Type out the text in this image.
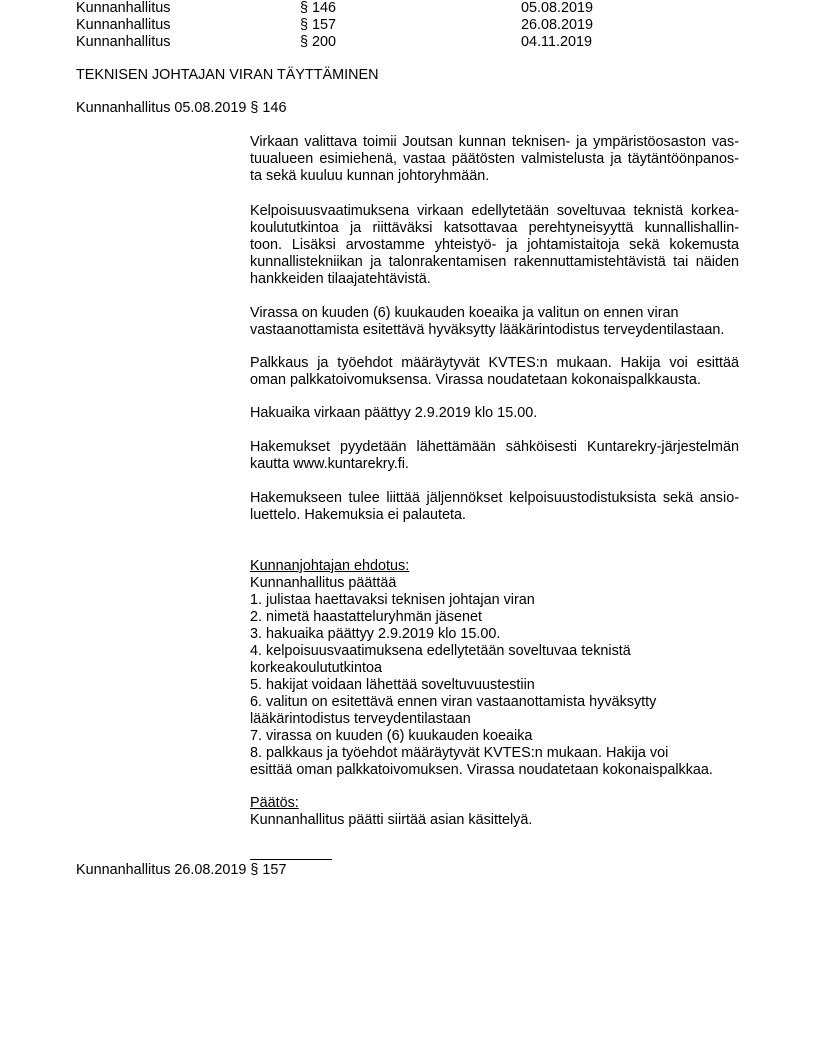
Kunnanhallitus	§ 146	05.08.2019
Kunnanhallitus	§ 157	26.08.2019
Kunnanhallitus	§ 200	04.11.2019
TEKNISEN JOHTAJAN VIRAN TÄYTTÄMINEN
Kunnanhallitus 05.08.2019 § 146
Virkaan valittava toimii Joutsan kunnan teknisen- ja ympäristöosaston vas-
tuualueen esimiehenä, vastaa päätösten valmistelusta ja täytäntöönpanos-
ta sekä kuuluu kunnan johtoryhmään.
Kelpoisuusvaatimuksena virkaan edellytetään soveltuvaa teknistä korkea-
koulututkintoa ja riittäväksi katsottavaa perehtyneisyyttä kunnallishallin-
toon. Lisäksi arvostamme yhteistyö- ja johtamistaitoja sekä kokemusta
kunnallistekniikan ja talonrakentamisen rakennuttamistehtävistä tai näiden
hankkeiden tilaajatehtävistä.
Virassa on kuuden (6) kuukauden koeaika ja valitun on ennen viran
vastaanottamista esitettävä hyväksytty lääkärintodistus terveydentilastaan.
Palkkaus ja työehdot määräytyvät KVTES:n mukaan. Hakija voi esittää
oman palkkatoivomuksensa. Virassa noudatetaan kokonaispalkkausta.
Hakuaika virkaan päättyy 2.9.2019 klo 15.00.
Hakemukset pyydetään lähettämään sähköisesti Kuntarekry-järjestelmän
kautta www.kuntarekry.fi.
Hakemukseen tulee liittää jäljennökset kelpoisuustodistuksista sekä ansio-
luettelo. Hakemuksia ei palauteta.
Kunnanjohtajan ehdotus:
Kunnanhallitus päättää
1. julistaa haettavaksi teknisen johtajan viran
2. nimetä haastatteluryhmän jäsenet
3. hakuaika päättyy 2.9.2019 klo 15.00.
4. kelpoisuusvaatimuksena edellytetään soveltuvaa teknistä
korkeakoulututkintoa
5. hakijat voidaan lähettää soveltuvuustestiin
6. valitun on esitettävä ennen viran vastaanottamista hyväksytty
lääkärintodistus terveydentilastaan
7. virassa on kuuden (6) kuukauden koeaika
8. palkkaus ja työehdot määräytyvät KVTES:n mukaan. Hakija voi
esittää oman palkkatoivomuksen. Virassa noudatetaan kokonaispalkkaa.
Päätös:
Kunnanhallitus päätti siirtää asian käsittelyä.
Kunnanhallitus 26.08.2019 § 157
